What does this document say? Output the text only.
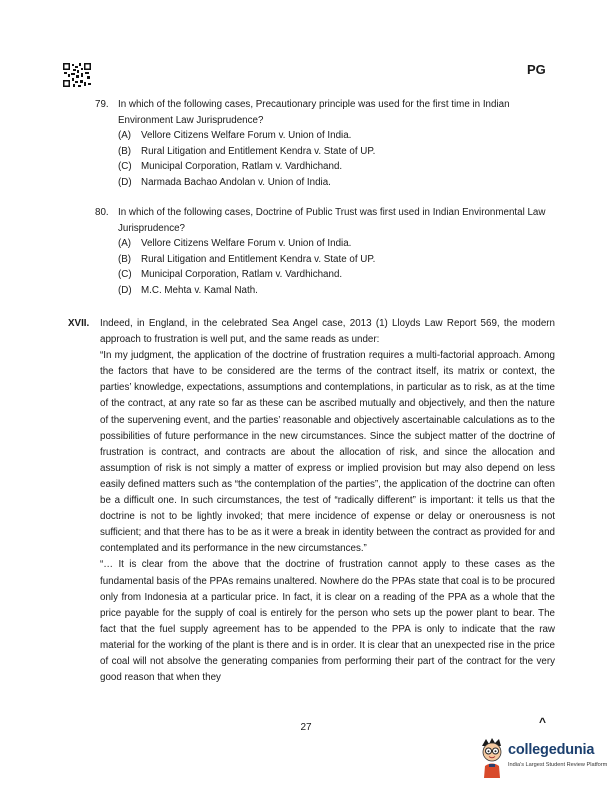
PG
79. In which of the following cases, Precautionary principle was used for the first time in Indian Environment Law Jurisprudence?
(A)	Vellore Citizens Welfare Forum v. Union of India.
(B)	Rural Litigation and Entitlement Kendra v. State of UP.
(C) Municipal Corporation, Ratlam v. Vardhichand.
(D) Narmada Bachao Andolan v. Union of India.
80. In which of the following cases, Doctrine of Public Trust was first used in Indian Environmental Law Jurisprudence?
(A)	Vellore Citizens Welfare Forum v. Union of India.
(B)	Rural Litigation and Entitlement Kendra v. State of UP.
(C) Municipal Corporation, Ratlam v. Vardhichand.
(D) M.C. Mehta v. Kamal Nath.
XVII.	Indeed, in England, in the celebrated Sea Angel case, 2013 (1) Lloyds Law Report 569, the modern approach to frustration is well put, and the same reads as under:

“In my judgment, the application of the doctrine of frustration requires a multi-factorial approach. Among the factors that have to be considered are the terms of the contract itself, its matrix or context, the parties’ knowledge, expectations, assumptions and contemplations, in particular as to risk, as at the time of the contract, at any rate so far as these can be ascribed mutually and objectively, and then the nature of the supervening event, and the parties’ reasonable and objectively ascertainable calculations as to the possibilities of future performance in the new circumstances. Since the subject matter of the doctrine of frustration is contract, and contracts are about the allocation of risk, and since the allocation and assumption of risk is not simply a matter of express or implied provision but may also depend on less easily defined matters such as “the contemplation of the parties”, the application of the doctrine can often be a difficult one. In such circumstances, the test of “radically different” is important: it tells us that the doctrine is not to be lightly invoked; that mere incidence of expense or delay or onerousness is not sufficient; and that there has to be as it were a break in identity between the contract as provided for and contemplated and its performance in the new circumstances.”

“… It is clear from the above that the doctrine of frustration cannot apply to these cases as the fundamental basis of the PPAs remains unaltered. Nowhere do the PPAs state that coal is to be procured only from Indonesia at a particular price. In fact, it is clear on a reading of the PPA as a whole that the price payable for the supply of coal is entirely for the person who sets up the power plant to bear. The fact that the fuel supply agreement has to be appended to the PPA is only to indicate that the raw material for the working of the plant is there and is in order. It is clear that an unexpected rise in the price of coal will not absolve the generating companies from performing their part of the contract for the very good reason that when they

27	^
collegedunia
India's Largest Student Review Platform
